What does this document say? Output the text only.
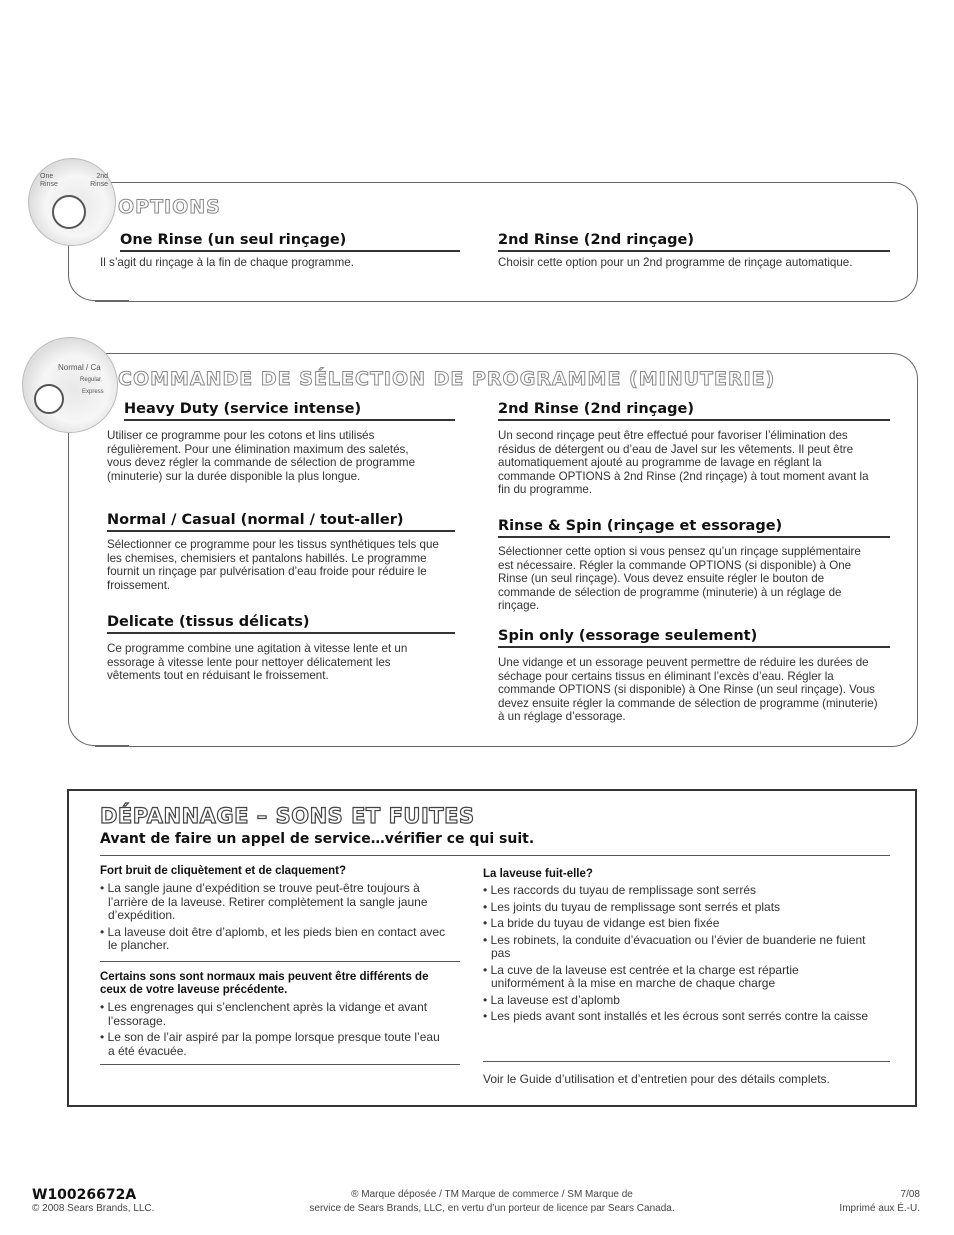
One Rinse
2nd Rinse
OPTIONS
One Rinse (un seul rinçage)
Il s’agit du rinçage à la fin de chaque programme.
2nd Rinse (2nd rinçage)
Choisir cette option pour un 2nd programme de rinçage automatique.
Normal / Ca
Regular
Express
COMMANDE DE SÉLECTION DE PROGRAMME (MINUTERIE)
Heavy Duty (service intense)
Utiliser ce programme pour les cotons et lins utilisés régulièrement. Pour une élimination maximum des saletés, vous devez régler la commande de sélection de programme (minuterie) sur la durée disponible la plus longue.
Normal / Casual (normal / tout-aller)
Sélectionner ce programme pour les tissus synthétiques tels que les chemises, chemisiers et pantalons habillés. Le programme fournit un rinçage par pulvérisation d’eau froide pour réduire le froissement.
Delicate (tissus délicats)
Ce programme combine une agitation à vitesse lente et un essorage à vitesse lente pour nettoyer délicatement les vêtements tout en réduisant le froissement.
2nd Rinse (2nd rinçage)
Un second rinçage peut être effectué pour favoriser l’élimination des résidus de détergent ou d’eau de Javel sur les vêtements. Il peut être automatiquement ajouté au programme de lavage en réglant la commande OPTIONS à 2nd Rinse (2nd rinçage) à tout moment avant la fin du programme.
Rinse & Spin (rinçage et essorage)
Sélectionner cette option si vous pensez qu’un rinçage supplémentaire est nécessaire. Régler la commande OPTIONS (si disponible) à One Rinse (un seul rinçage). Vous devez ensuite régler le bouton de commande de sélection de programme (minuterie) à un réglage de rinçage.
Spin only (essorage seulement)
Une vidange et un essorage peuvent permettre de réduire les durées de séchage pour certains tissus en éliminant l’excès d’eau. Régler la commande OPTIONS (si disponible) à One Rinse (un seul rinçage). Vous devez ensuite régler la commande de sélection de programme (minuterie) à un réglage d’essorage.
DÉPANNAGE – SONS ET FUITES
Avant de faire un appel de service…vérifier ce qui suit.
Fort bruit de cliquètement et de claquement?
• La sangle jaune d’expédition se trouve peut-être toujours à l’arrière de la laveuse. Retirer complètement la sangle jaune d’expédition.
• La laveuse doit être d’aplomb, et les pieds bien en contact avec le plancher.
Certains sons sont normaux mais peuvent être différents de ceux de votre laveuse précédente.
• Les engrenages qui s’enclenchent après la vidange et avant l’essorage.
• Le son de l’air aspiré par la pompe lorsque presque toute l’eau a été évacuée.
La laveuse fuit-elle?
• Les raccords du tuyau de remplissage sont serrés
• Les joints du tuyau de remplissage sont serrés et plats
• La bride du tuyau de vidange est bien fixée
• Les robinets, la conduite d’évacuation ou l’évier de buanderie ne fuient pas
• La cuve de la laveuse est centrée et la charge est répartie uniformément à la mise en marche de chaque charge
• La laveuse est d’aplomb
• Les pieds avant sont installés et les écrous sont serrés contre la caisse
Voir le Guide d’utilisation et d’entretien pour des détails complets.
W10026672A
© 2008 Sears Brands, LLC.
® Marque déposée / TM Marque de commerce / SM Marque de
service de Sears Brands, LLC, en vertu d’un porteur de licence par Sears Canada.
7/08
Imprimé aux É.-U.
